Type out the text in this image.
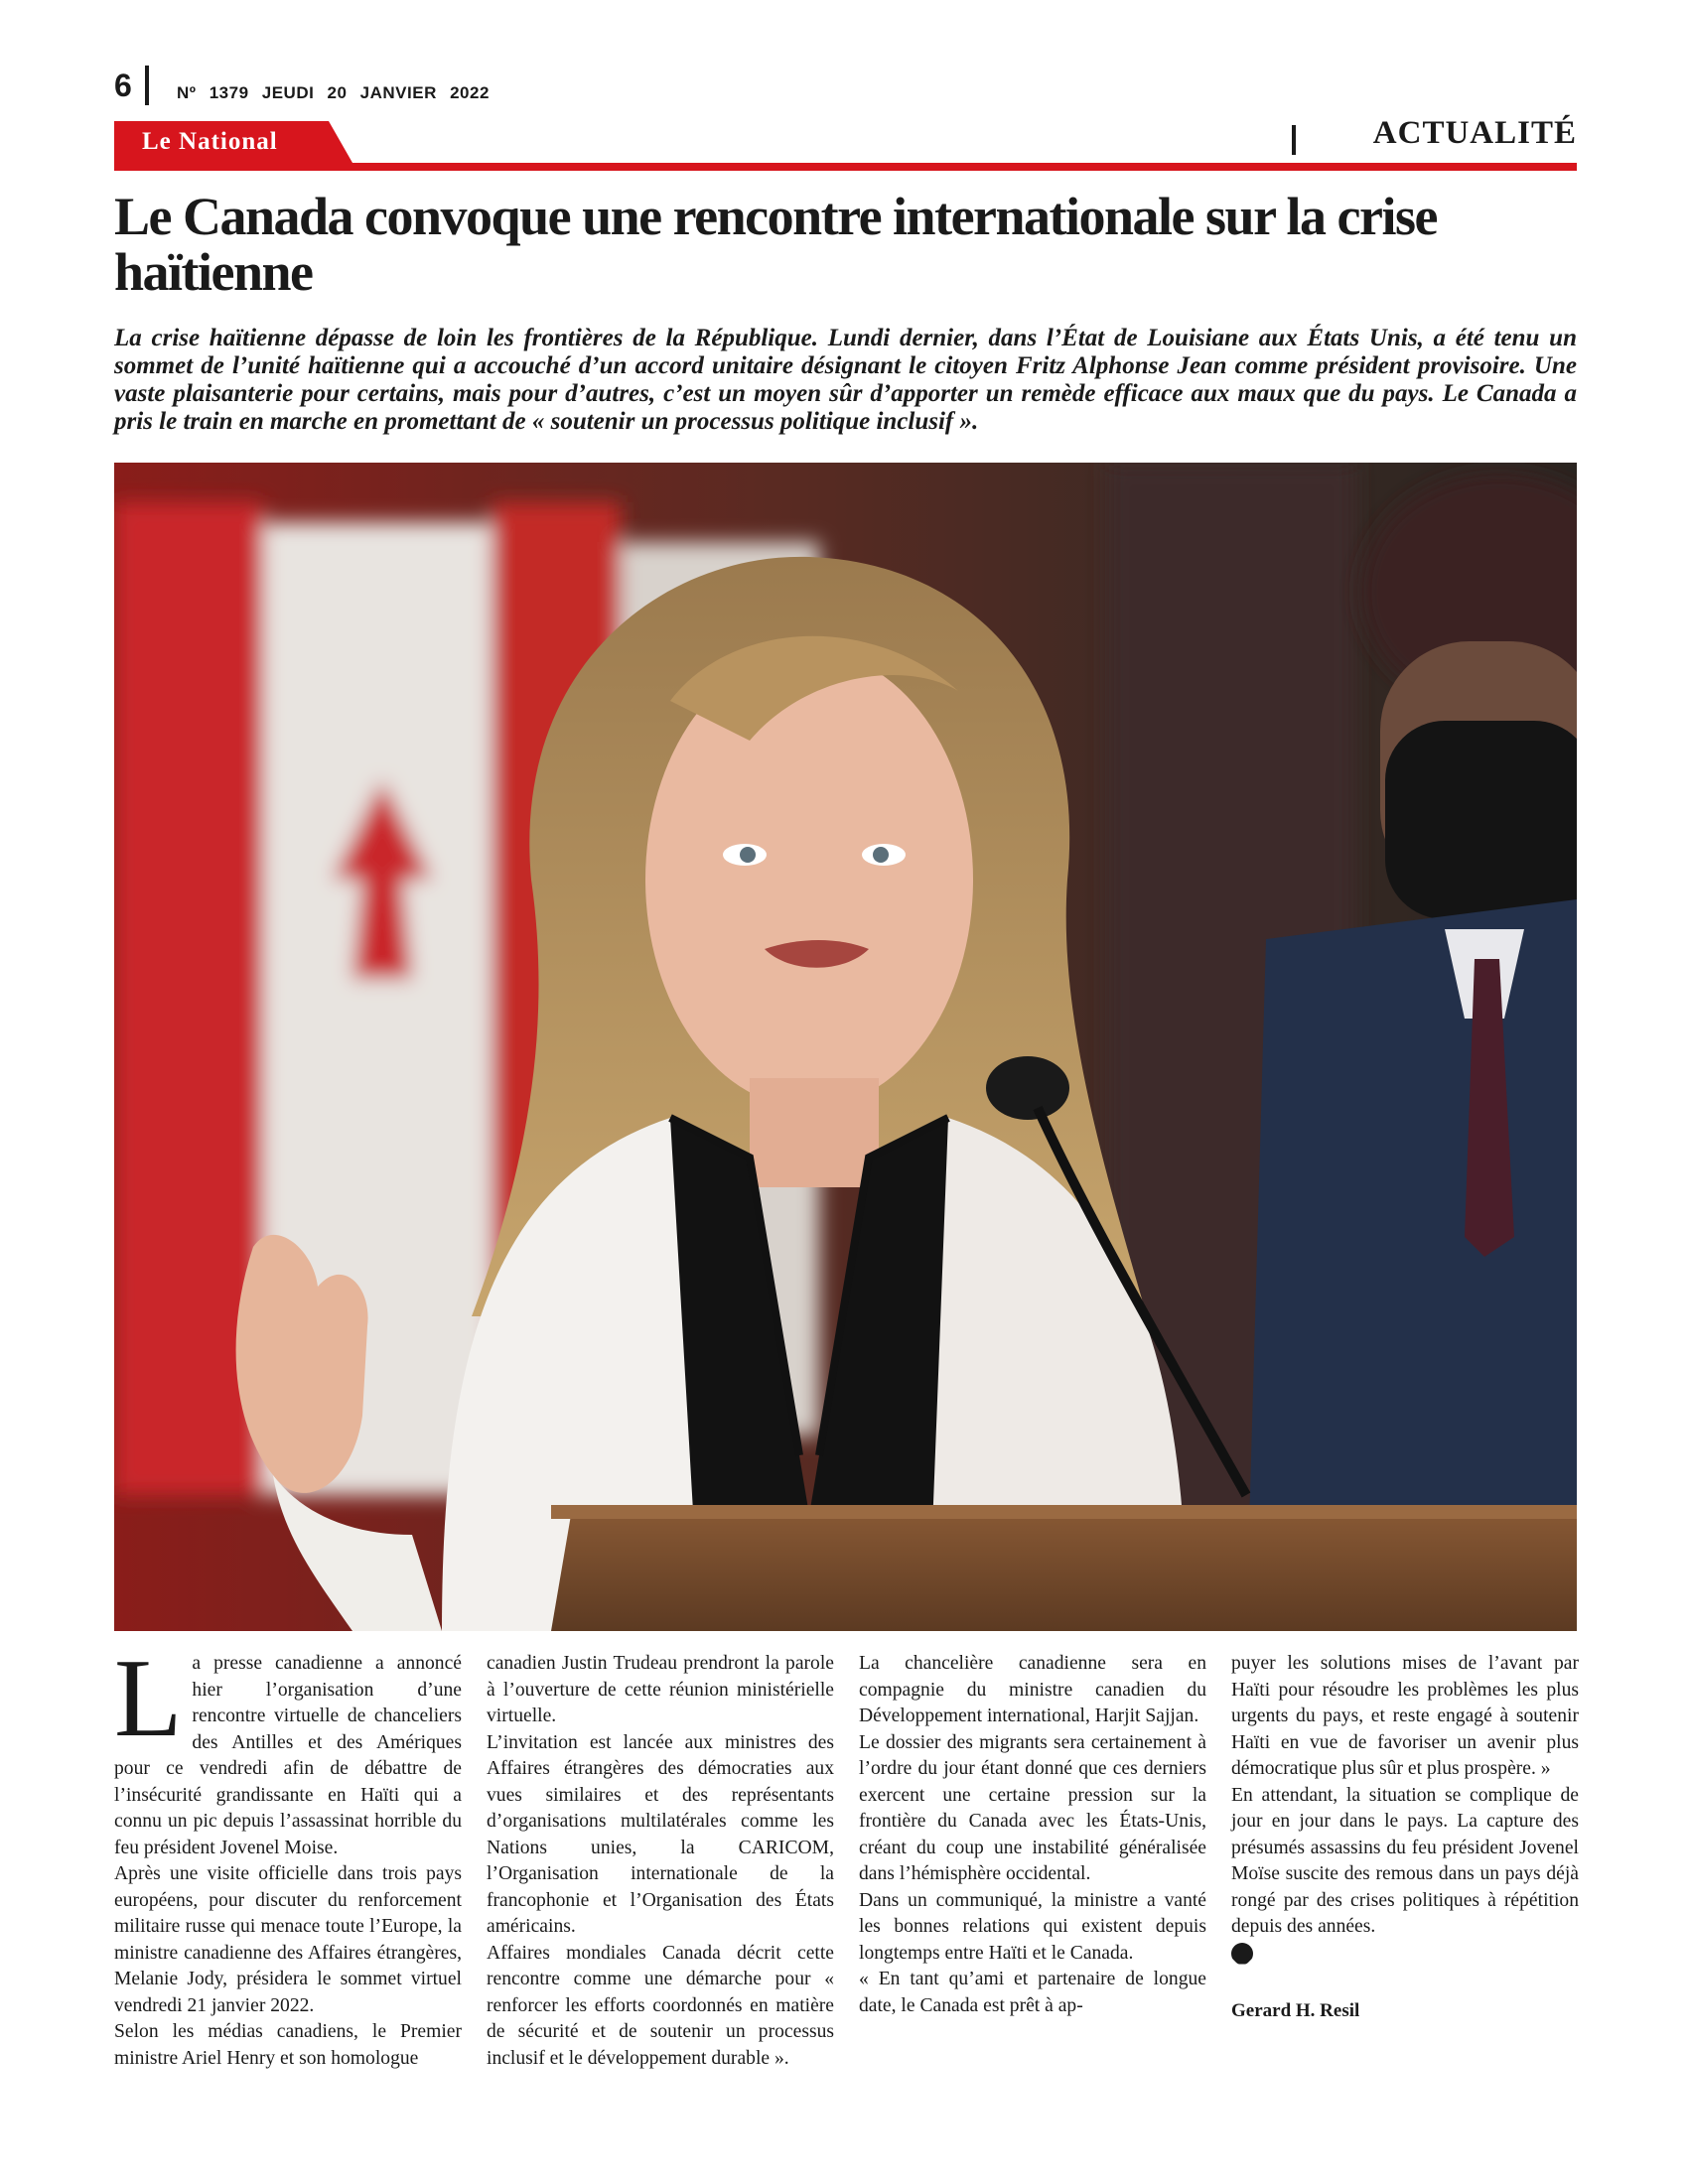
6	Nº 1379 JEUDI 20 JANVIER 2022
Le National	ACTUALITÉ
Le Canada convoque une rencontre internationale sur la crise haïtienne

La crise haïtienne dépasse de loin les frontières de la République. Lundi dernier, dans l’État de Louisiane aux États Unis, a été tenu un sommet de l’unité haïtienne qui a accouché d’un accord unitaire désignant le citoyen Fritz Alphonse Jean comme président provisoire. Une vaste plaisanterie pour certains, mais pour d’autres, c’est un moyen sûr d’apporter un remède efficace aux maux que du pays. Le Canada a pris le train en marche en promettant de « soutenir un processus politique inclusif ».

L a presse canadienne a annoncé hier l’organisation d’une rencontre virtuelle de chanceliers des Antilles et des Amériques pour ce vendredi afin de débattre de l’insécurité grandissante en Haïti qui a connu un pic depuis l’assassinat horrible du feu président Jovenel Moise.

Après une visite officielle dans trois pays européens, pour discuter du renforcement militaire russe qui menace toute l’Europe, la ministre canadienne des Affaires étrangères, Melanie Jody, présidera le sommet virtuel vendredi 21 janvier 2022.

Selon les médias canadiens, le Premier ministre Ariel Henry et son homologue

canadien Justin Trudeau prendront la parole à l’ouverture de cette réunion ministérielle virtuelle.

L’invitation est lancée aux ministres des Affaires étrangères des démocraties aux vues similaires et des représentants d’organisations multilatérales comme les Nations unies, la CARICOM, l’Organisation internationale de la francophonie et l’Organisation des États américains.

Affaires mondiales Canada décrit cette rencontre comme une démarche pour « renforcer les efforts coordonnés en matière de sécurité et de soutenir un processus inclusif et le développement durable ».

La chancelière canadienne sera en compagnie du ministre canadien du Développement international, Harjit Sajjan.

Le dossier des migrants sera certainement à l’ordre du jour étant donné que ces derniers exercent une certaine pression sur la frontière du Canada avec les États-Unis, créant du coup une instabilité généralisée dans l’hémisphère occidental.

Dans un communiqué, la ministre a vanté les bonnes relations qui existent depuis longtemps entre Haïti et le Canada.

« En tant qu’ami et partenaire de longue date, le Canada est prêt à ap-

puyer les solutions mises de l’avant par Haïti pour résoudre les problèmes les plus urgents du pays, et reste engagé à soutenir Haïti en vue de favoriser un avenir plus démocratique plus sûr et plus prospère. »

En attendant, la situation se complique de jour en jour dans le pays. La capture des présumés assassins du feu président Jovenel Moïse suscite des remous dans un pays déjà rongé par des crises politiques à répétition depuis des années.

Gerard H. Resil
